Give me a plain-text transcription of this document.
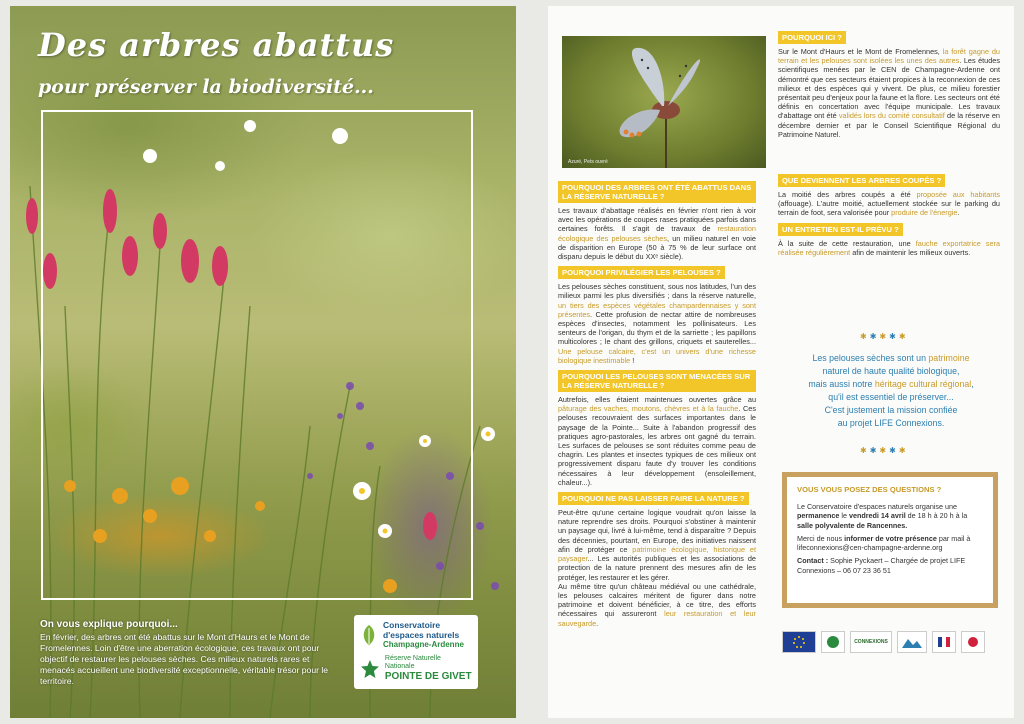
Des arbres abattus
pour préserver la biodiversité...
On vous explique pourquoi...
En février, des arbres ont été abattus sur le Mont d'Haurs et le Mont de Fromelennes. Loin d'être une aberration écologique, ces travaux ont pour objectif de restaurer les pelouses sèches. Ces milieux naturels rares et menacés accueillent une biodiversité exceptionnelle, véritable trésor pour le territoire.
Conservatoire
d'espaces naturels
Champagne-Ardenne
Réserve Naturelle Nationale
POINTE DE GIVET
Azuré, Pets ouvré
POURQUOI DES ARBRES ONT ÉTÉ ABATTUS DANS LA RÉSERVE NATURELLE ?

Les travaux d'abattage réalisés en février n'ont rien à voir avec les opérations de coupes rases pratiquées parfois dans certaines forêts. Il s'agit de travaux de restauration écologique des pelouses sèches, un milieu naturel en voie de disparition en Europe (50 à 75 % de leur surface ont disparu depuis le début du XXᵉ siècle).

POURQUOI PRIVILÉGIER LES PELOUSES ?

Les pelouses sèches constituent, sous nos latitudes, l'un des milieux parmi les plus diversifiés ; dans la réserve naturelle, un tiers des espèces végétales champardennaises y sont présentes. Cette profusion de nectar attire de nombreuses espèces d'insectes, notamment les pollinisateurs. Les senteurs de l'origan, du thym et de la sarriette ; les papillons multicolores ; le chant des grillons, criquets et sauterelles... Une pelouse calcaire, c'est un univers d'une richesse biologique inestimable !

POURQUOI LES PELOUSES SONT MENACÉES SUR LA RÉSERVE NATURELLE ?

Autrefois, elles étaient maintenues ouvertes grâce au pâturage des vaches, moutons, chèvres et à la fauche. Ces pelouses recouvraient des surfaces importantes dans le paysage de la Pointe... Suite à l'abandon progressif des pratiques agro-pastorales, les arbres ont gagné du terrain. Les surfaces de pelouses se sont réduites comme peau de chagrin. Les plantes et insectes typiques de ces milieux ont progressivement disparu faute d'y trouver les conditions nécessaires à leur développement (ensoleillement, chaleur...).

POURQUOI NE PAS LAISSER FAIRE LA NATURE ?

Peut-être qu'une certaine logique voudrait qu'on laisse la nature reprendre ses droits. Pourquoi s'obstiner à maintenir un paysage qui, livré à lui-même, tend à disparaître ? Depuis des décennies, pourtant, en Europe, des initiatives naissent afin de protéger ce patrimoine écologique, historique et paysager... Les autorités publiques et les associations de protection de la nature prennent des mesures afin de les protéger, les restaurer et les gérer.

Au même titre qu'un château médiéval ou une cathédrale, les pelouses calcaires méritent de figurer dans notre patrimoine et doivent bénéficier, à ce titre, des efforts nécessaires qui assureront leur restauration et leur sauvegarde.

POURQUOI ICI ?

Sur le Mont d'Haurs et le Mont de Fromelennes, la forêt gagne du terrain et les pelouses sont isolées les unes des autres. Les études scientifiques menées par le CEN de Champagne-Ardenne ont démontré que ces secteurs étaient propices à la reconnexion de ces milieux et des espèces qui y vivent. De plus, ce milieu forestier présentait peu d'enjeux pour la faune et la flore. Les secteurs ont été définis en concertation avec l'équipe municipale. Les travaux d'abattage ont été validés lors du comité consultatif de la réserve en décembre dernier et par le Conseil Scientifique Régional du Patrimoine Naturel.

QUE DEVIENNENT LES ARBRES COUPÉS ?

La moitié des arbres coupés a été proposée aux habitants (affouage). L'autre moitié, actuellement stockée sur le parking du terrain de foot, sera valorisée pour produire de l'énergie.

UN ENTRETIEN EST-IL PRÉVU ?

À la suite de cette restauration, une fauche exportatrice sera réalisée régulièrement afin de maintenir les milieux ouverts.

✱✱✱✱✱
Les pelouses sèches sont un patrimoine
naturel de haute qualité biologique,
mais aussi notre héritage cultural régional,
qu'il est essentiel de préserver...
C'est justement la mission confiée
au projet LIFE Connexions.
✱✱✱✱✱
VOUS VOUS POSEZ DES QUESTIONS ?

Le Conservatoire d'espaces naturels organise une permanence le vendredi 14 avril de 18 h à 20 h à la salle polyvalente de Rancennes.

Merci de nous informer de votre présence par mail à lifeconnexions@cen-champagne-ardenne.org

Contact : Sophie Pyckaert – Chargée de projet LIFE Connexions – 06 07 23 36 51

CONNEXIONS
